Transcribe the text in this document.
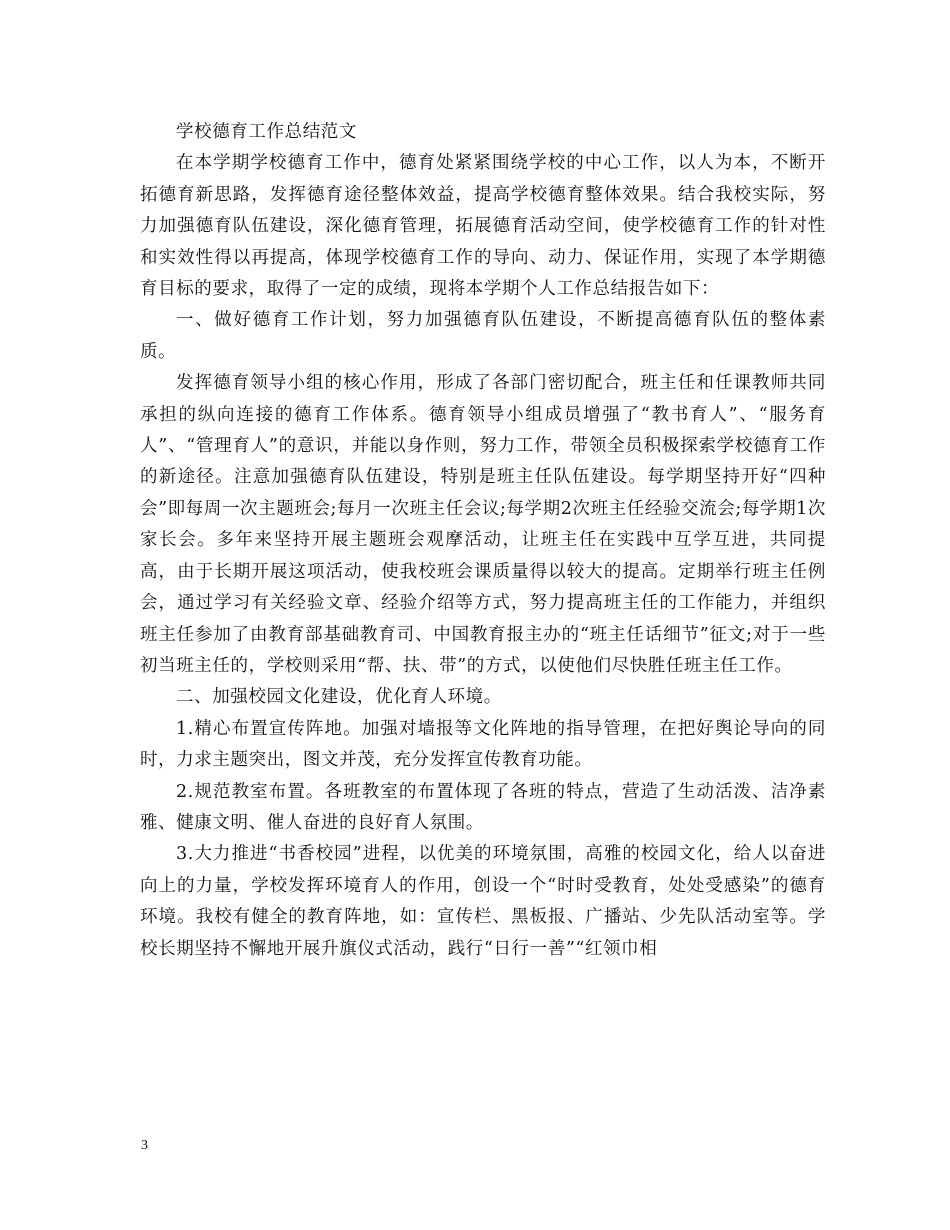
学校德育工作总结范文

在本学期学校德育工作中，德育处紧紧围绕学校的中心工作，以人为本，不断开拓德育新思路，发挥德育途径整体效益，提高学校德育整体效果。结合我校实际，努力加强德育队伍建设，深化德育管理，拓展德育活动空间，使学校德育工作的针对性和实效性得以再提高，体现学校德育工作的导向、动力、保证作用，实现了本学期德育目标的要求，取得了一定的成绩，现将本学期个人工作总结报告如下：

一、做好德育工作计划，努力加强德育队伍建设，不断提高德育队伍的整体素质。

发挥德育领导小组的核心作用，形成了各部门密切配合，班主任和任课教师共同承担的纵向连接的德育工作体系。德育领导小组成员增强了“教书育人”、“服务育人”、“管理育人”的意识，并能以身作则，努力工作，带领全员积极探索学校德育工作的新途径。注意加强德育队伍建设，特别是班主任队伍建设。每学期坚持开好“四种会”即每周一次主题班会;每月一次班主任会议;每学期2次班主任经验交流会;每学期1次家长会。多年来坚持开展主题班会观摩活动，让班主任在实践中互学互进，共同提高，由于长期开展这项活动，使我校班会课质量得以较大的提高。定期举行班主任例会，通过学习有关经验文章、经验介绍等方式，努力提高班主任的工作能力，并组织班主任参加了由教育部基础教育司、中国教育报主办的“班主任话细节”征文;对于一些初当班主任的，学校则采用“帮、扶、带”的方式，以使他们尽快胜任班主任工作。

二、加强校园文化建设，优化育人环境。

1.精心布置宣传阵地。加强对墙报等文化阵地的指导管理，在把好舆论导向的同时，力求主题突出，图文并茂，充分发挥宣传教育功能。

2.规范教室布置。各班教室的布置体现了各班的特点，营造了生动活泼、洁净素雅、健康文明、催人奋进的良好育人氛围。

3.大力推进“书香校园”进程，以优美的环境氛围，高雅的校园文化，给人以奋进向上的力量，学校发挥环境育人的作用，创设一个“时时受教育，处处受感染”的德育环境。我校有健全的教育阵地，如：宣传栏、黑板报、广播站、少先队活动室等。学校长期坚持不懈地开展升旗仪式活动，践行“日行一善”“红领巾相

3
